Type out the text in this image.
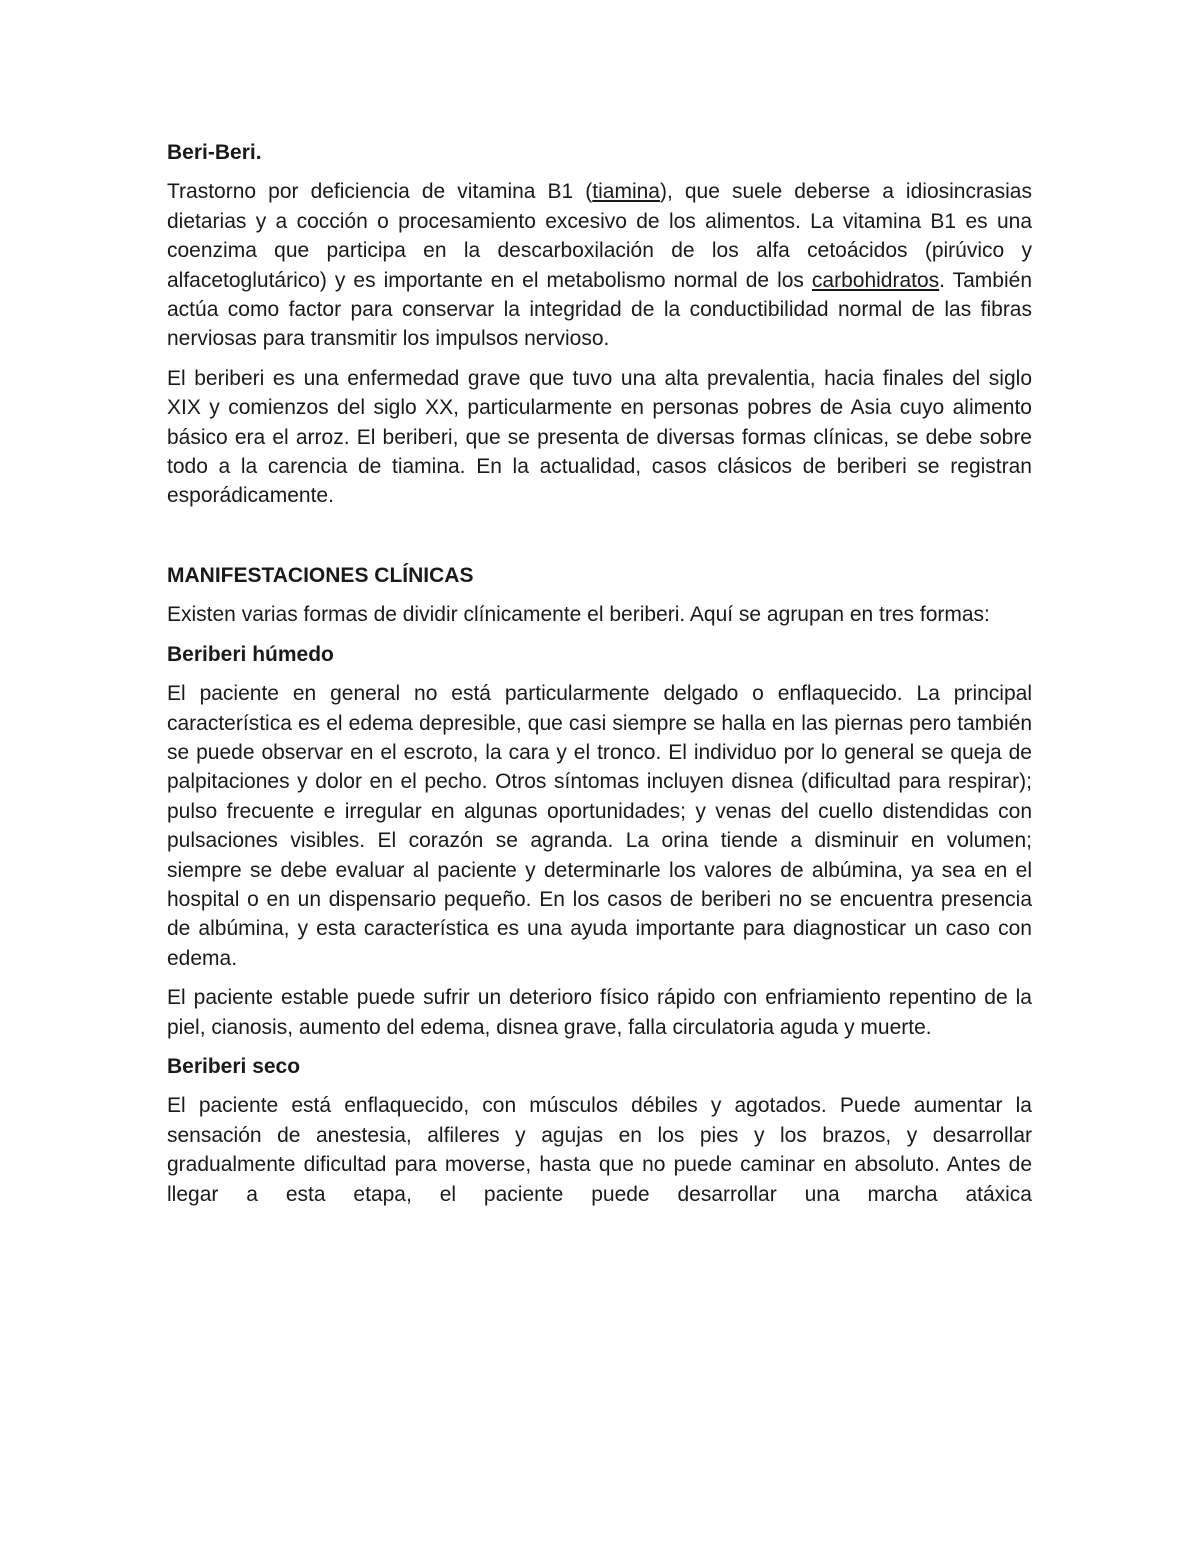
Beri-Beri.

Trastorno por deficiencia de vitamina B1 (tiamina), que suele deberse a idiosincrasias dietarias y a cocción o procesamiento excesivo de los alimentos. La vitamina B1 es una coenzima que participa en la descarboxilación de los alfa cetoácidos (pirúvico y alfacetoglutárico) y es importante en el metabolismo normal de los carbohidratos. También actúa como factor para conservar la integridad de la conductibilidad normal de las fibras nerviosas para transmitir los impulsos nervioso.

El beriberi es una enfermedad grave que tuvo una alta prevalentia, hacia finales del siglo XIX y comienzos del siglo XX, particularmente en personas pobres de Asia cuyo alimento básico era el arroz. El beriberi, que se presenta de diversas formas clínicas, se debe sobre todo a la carencia de tiamina. En la actualidad, casos clásicos de beriberi se registran esporádicamente.

MANIFESTACIONES CLÍNICAS

Existen varias formas de dividir clínicamente el beriberi. Aquí se agrupan en tres formas:

Beriberi húmedo

El paciente en general no está particularmente delgado o enflaquecido. La principal característica es el edema depresible, que casi siempre se halla en las piernas pero también se puede observar en el escroto, la cara y el tronco. El individuo por lo general se queja de palpitaciones y dolor en el pecho. Otros síntomas incluyen disnea (dificultad para respirar); pulso frecuente e irregular en algunas oportunidades; y venas del cuello distendidas con pulsaciones visibles. El corazón se agranda. La orina tiende a disminuir en volumen; siempre se debe evaluar al paciente y determinarle los valores de albúmina, ya sea en el hospital o en un dispensario pequeño. En los casos de beriberi no se encuentra presencia de albúmina, y esta característica es una ayuda importante para diagnosticar un caso con edema.

El paciente estable puede sufrir un deterioro físico rápido con enfriamiento repentino de la piel, cianosis, aumento del edema, disnea grave, falla circulatoria aguda y muerte.

Beriberi seco

El paciente está enflaquecido, con músculos débiles y agotados. Puede aumentar la sensación de anestesia, alfileres y agujas en los pies y los brazos, y desarrollar gradualmente dificultad para moverse, hasta que no puede caminar en absoluto. Antes de llegar a esta etapa, el paciente puede desarrollar una marcha atáxica
